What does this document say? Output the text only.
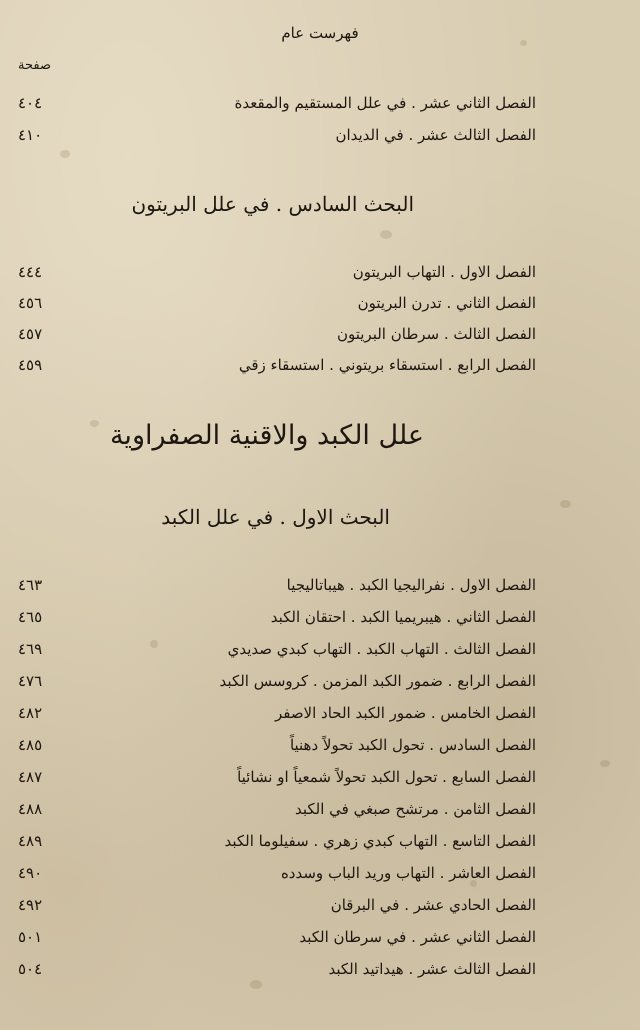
فهرست عام
صفحة
الفصل الثاني عشر . في علل المستقيم والمقعدة
٤٠٤
الفصل الثالث عشر . في الديدان
٤١٠
البحث السادس . في علل البريتون
الفصل الاول . التهاب البريتون
٤٤٤
الفصل الثاني . تدرن البريتون
٤٥٦
الفصل الثالث . سرطان البريتون
٤٥٧
الفصل الرابع . استسقاء بريتوني . استسقاء زقي
٤٥٩
علل الكبد والاقنية الصفراوية
البحث الاول . في علل الكبد
الفصل الاول . نفراليجيا الكبد . هيباتاليجيا
٤٦٣
الفصل الثاني . هيبريميا الكبد . احتقان الكبد
٤٦٥
الفصل الثالث . التهاب الكبد . التهاب كبدي صديدي
٤٦٩
الفصل الرابع . ضمور الكبد المزمن . كروسس الكبد
٤٧٦
الفصل الخامس . ضمور الكبد الحاد الاصفر
٤٨٢
الفصل السادس . تحول الكبد تحولاً دهنياً
٤٨٥
الفصل السابع . تحول الكبد تحولاً شمعياً او نشائياً
٤٨٧
الفصل الثامن . مرتشح صبغي في الكبد
٤٨٨
الفصل التاسع . التهاب كبدي زهري . سفيلوما الكبد
٤٨٩
الفصل العاشر . التهاب وريد الباب وسدده
٤٩٠
الفصل الحادي عشر . في البرقان
٤٩٢
الفصل الثاني عشر . في سرطان الكبد
٥٠١
الفصل الثالث عشر . هيداتيد الكبد
٥٠٤
